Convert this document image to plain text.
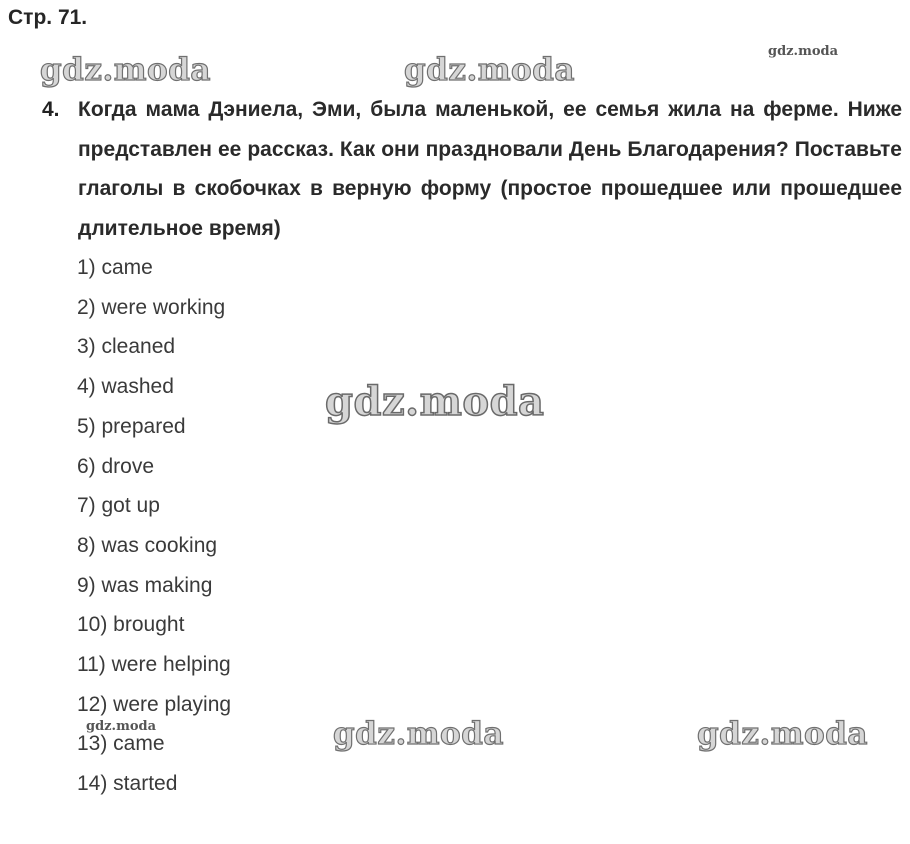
Стр. 71.
4. Когда мама Дэниела, Эми, была маленькой, ее семья жила на ферме. Ниже представлен ее рассказ. Как они праздновали День Благодарения? Поставьте глаголы в скобочках в верную форму (простое прошедшее или прошедшее длительное время)
1) came
2) were working
3) cleaned
4) washed
5) prepared
6) drove
7) got up
8) was cooking
9) was making
10) brought
11) were helping
12) were playing
13) came
14) started
gdz.moda	gdz.moda
gdz.moda
gdz.moda
gdz.moda	gdz.moda	gdz.moda
